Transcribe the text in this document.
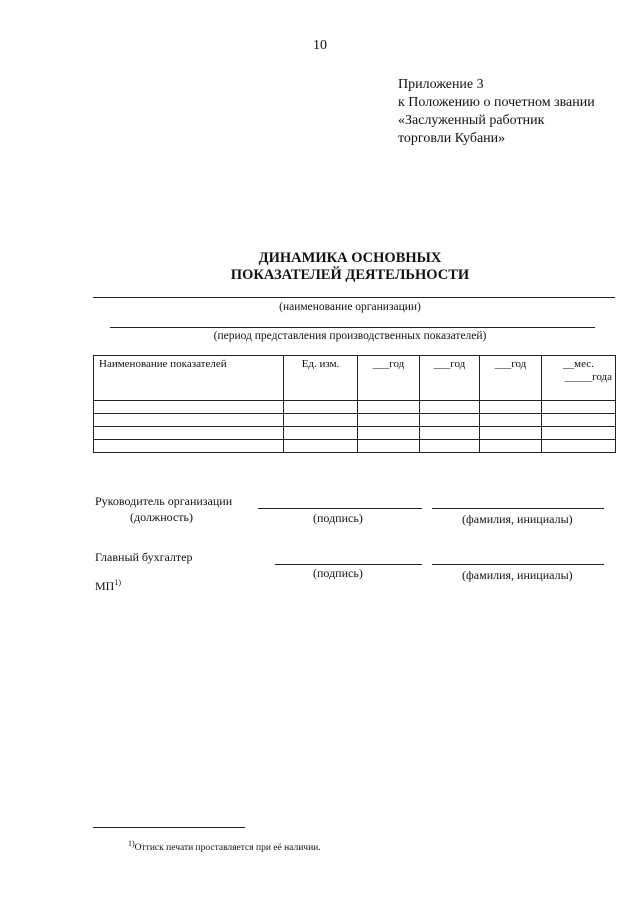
10
Приложение 3
к Положению о почетном звании
«Заслуженный работник
торговли Кубани»
ДИНАМИКА ОСНОВНЫХ
ПОКАЗАТЕЛЕЙ ДЕЯТЕЛЬНОСТИ
(наименование организации)
(период представления производственных показателей)
Наименование показателей	Ед. изм.	___год	___год	___год	__мес.
_____года

Руководитель организации
(должность)	(подпись)	(фамилия, инициалы)
Главный бухгалтер
(подпись)	(фамилия, инициалы)
МП$^{1)}$
$^{1)}$Оттиск печати проставляется при её наличии.
